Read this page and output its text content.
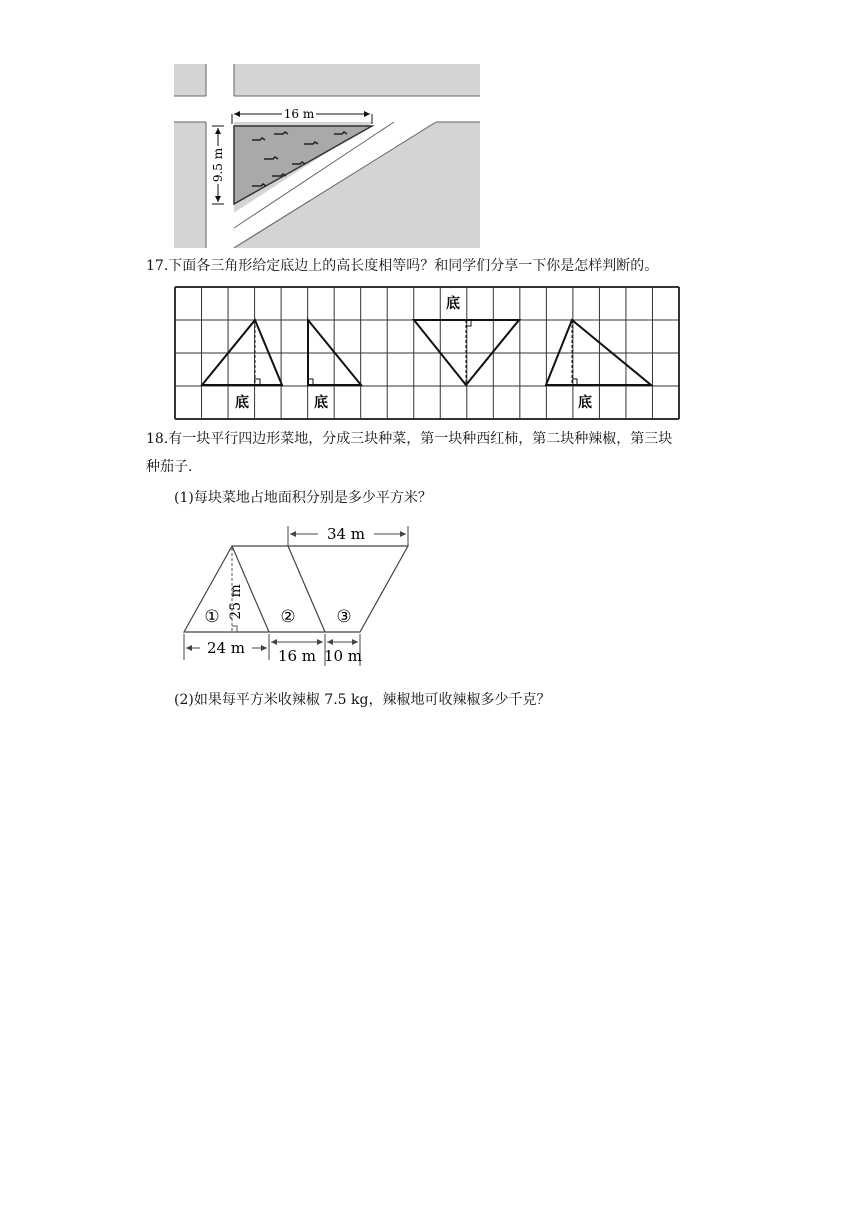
16 m
9.5 m
17.下面各三角形给定底边上的高长度相等吗？和同学们分享一下你是怎样判断的。
底	底
底
底
18.有一块平行四边形菜地，分成三块种菜，第一块种西红柿，第二块种辣椒，第三块
种茄子.
(1)每块菜地占地面积分别是多少平方米？
25 m
①	② ③
34 m
24 m 16 m 10 m
(2)如果每平方米收辣椒 7.5 kg，辣椒地可收辣椒多少千克？
